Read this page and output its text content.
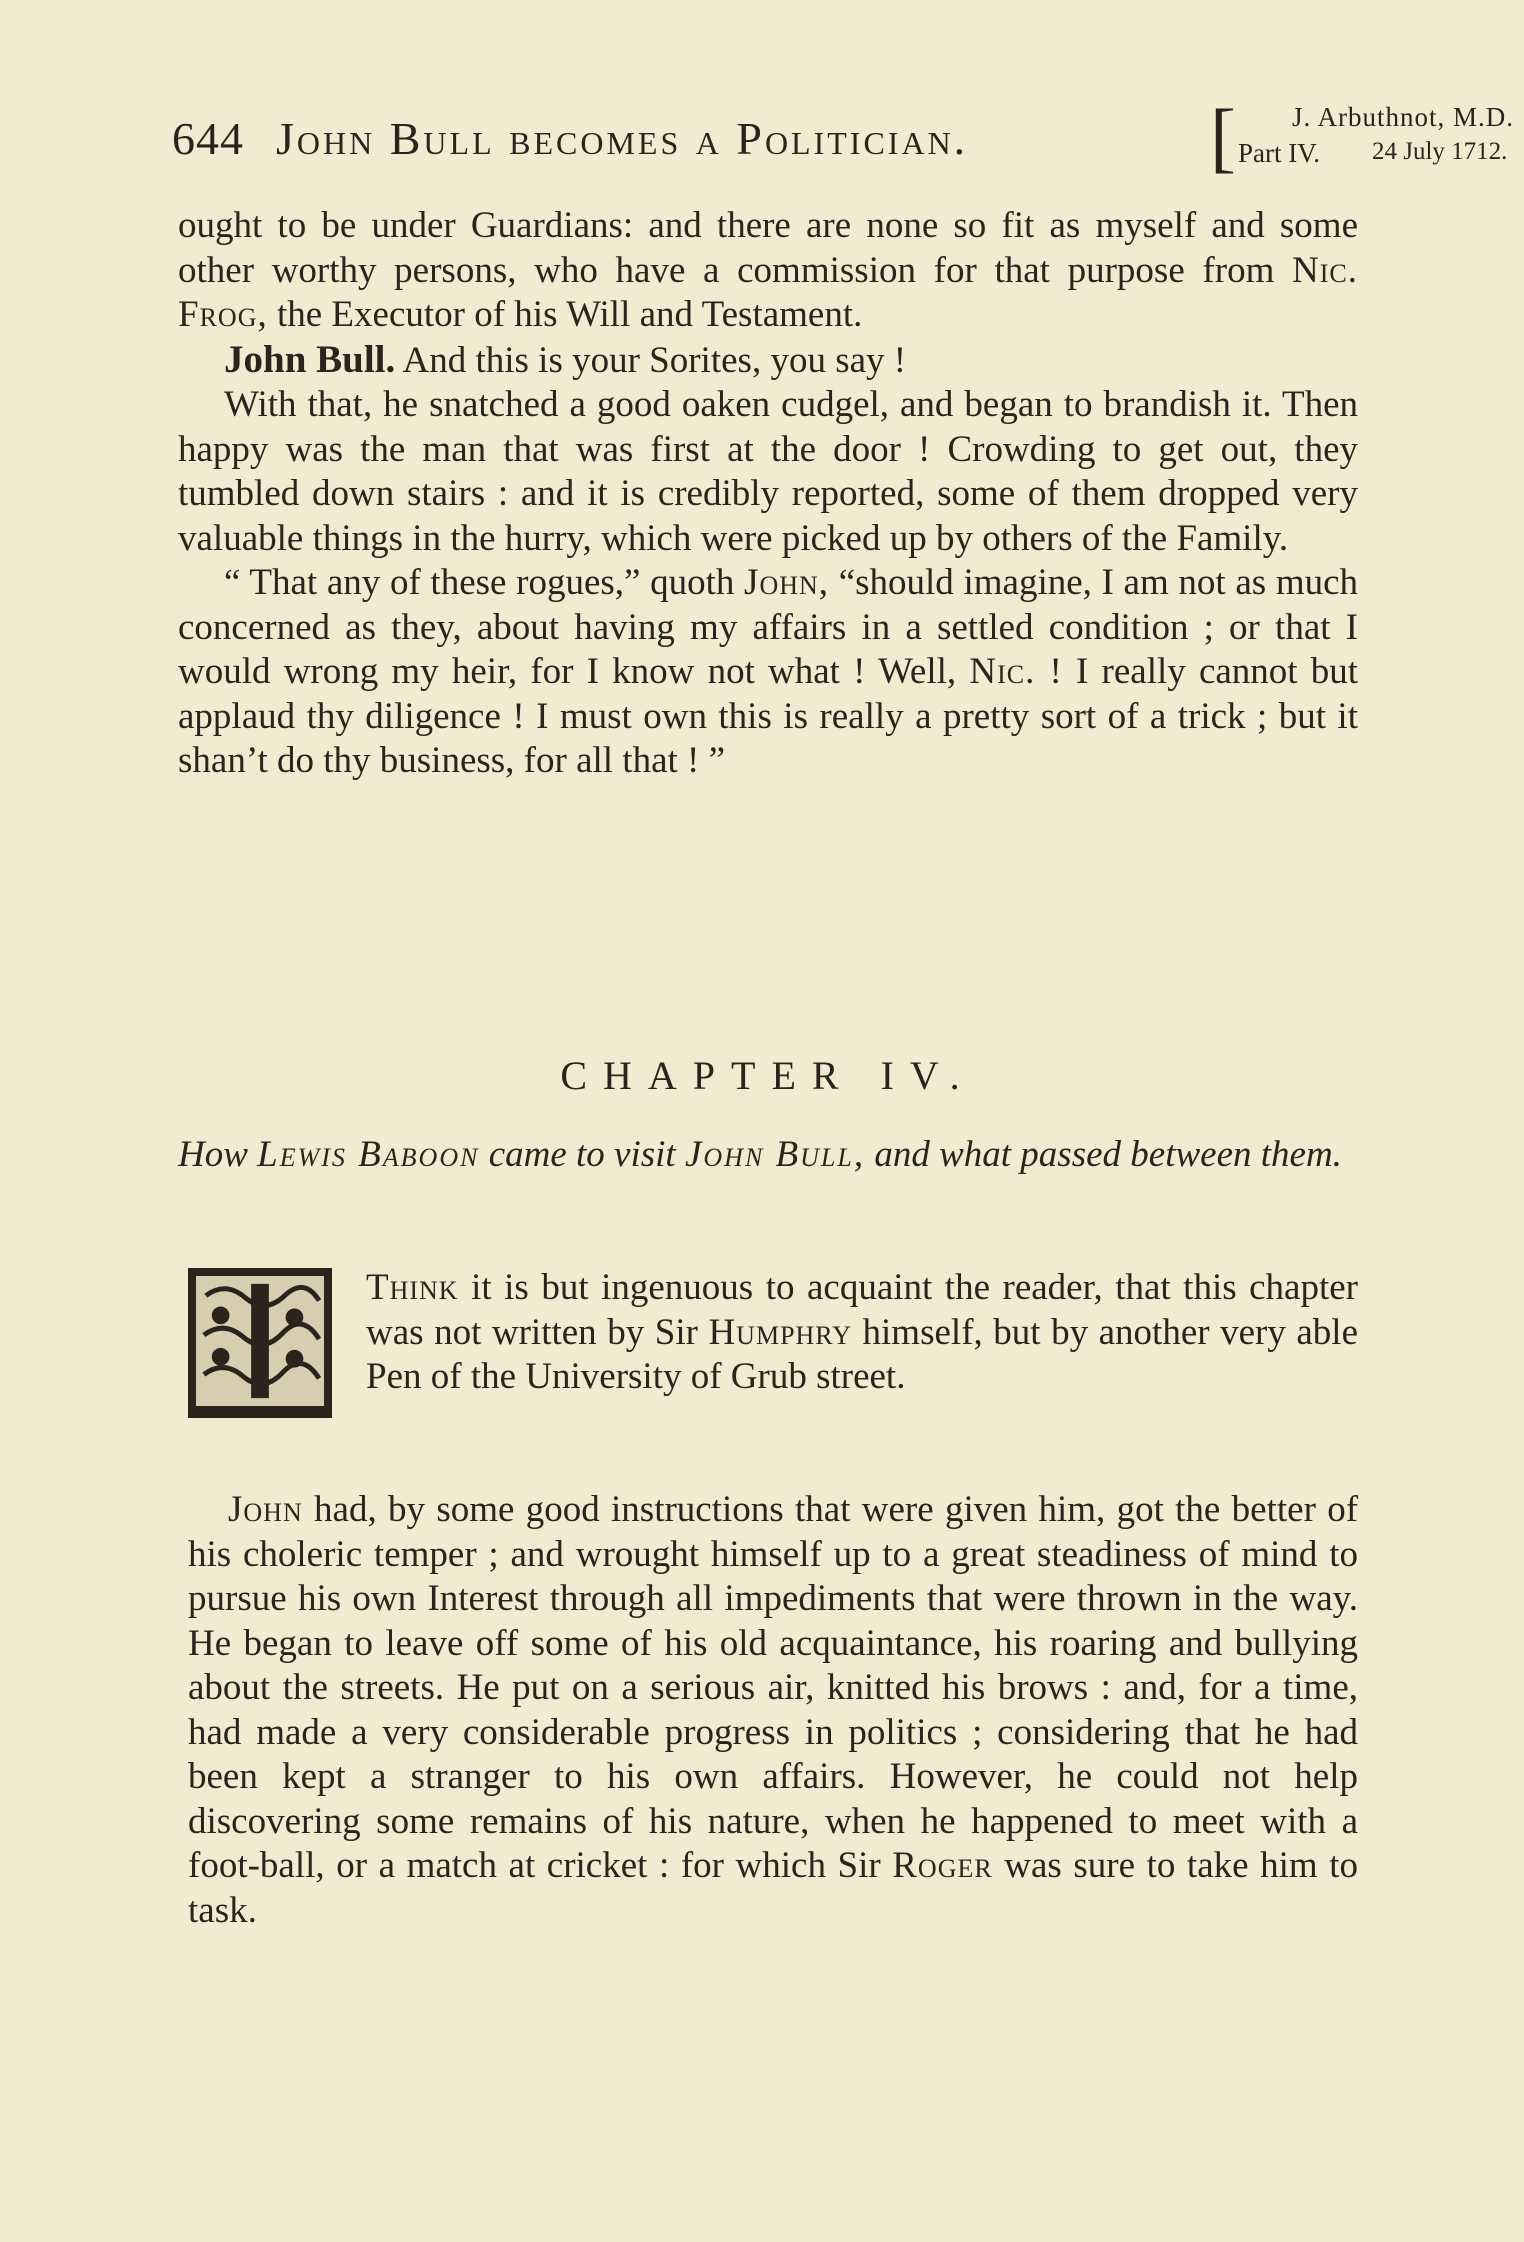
644 John Bull becomes a Politician.	[ J. Arbuthnot, M.D.
Part IV. 24 July 1712.

ought to be under Guardians: and there are none so fit as myself and some other worthy persons, who have a commission for that purpose from Nic. Frog, the Executor of his Will and Testament.

John Bull. And this is your Sorites, you say !

With that, he snatched a good oaken cudgel, and began to brandish it. Then happy was the man that was first at the door ! Crowding to get out, they tumbled down stairs : and it is credibly reported, some of them dropped very valuable things in the hurry, which were picked up by others of the Family.

“ That any of these rogues,” quoth John, “should imagine, I am not as much concerned as they, about having my affairs in a settled condition ; or that I would wrong my heir, for I know not what ! Well, Nic. ! I really cannot but applaud thy diligence ! I must own this is really a pretty sort of a trick ; but it shan’t do thy business, for all that ! ”

CHAPTER IV.
How Lewis Baboon came to visit John Bull, and what passed between them.

Think it is but ingenuous to acquaint the reader, that this chapter was not written by Sir Humphry himself, but by another very able Pen of the University of Grub street.

John had, by some good instructions that were given him, got the better of his choleric temper ; and wrought himself up to a great steadiness of mind to pursue his own Interest through all impediments that were thrown in the way. He began to leave off some of his old acquaintance, his roaring and bullying about the streets. He put on a serious air, knitted his brows : and, for a time, had made a very considerable progress in politics ; considering that he had been kept a stranger to his own affairs. However, he could not help discovering some remains of his nature, when he happened to meet with a foot-ball, or a match at cricket : for which Sir Roger was sure to take him to task.
